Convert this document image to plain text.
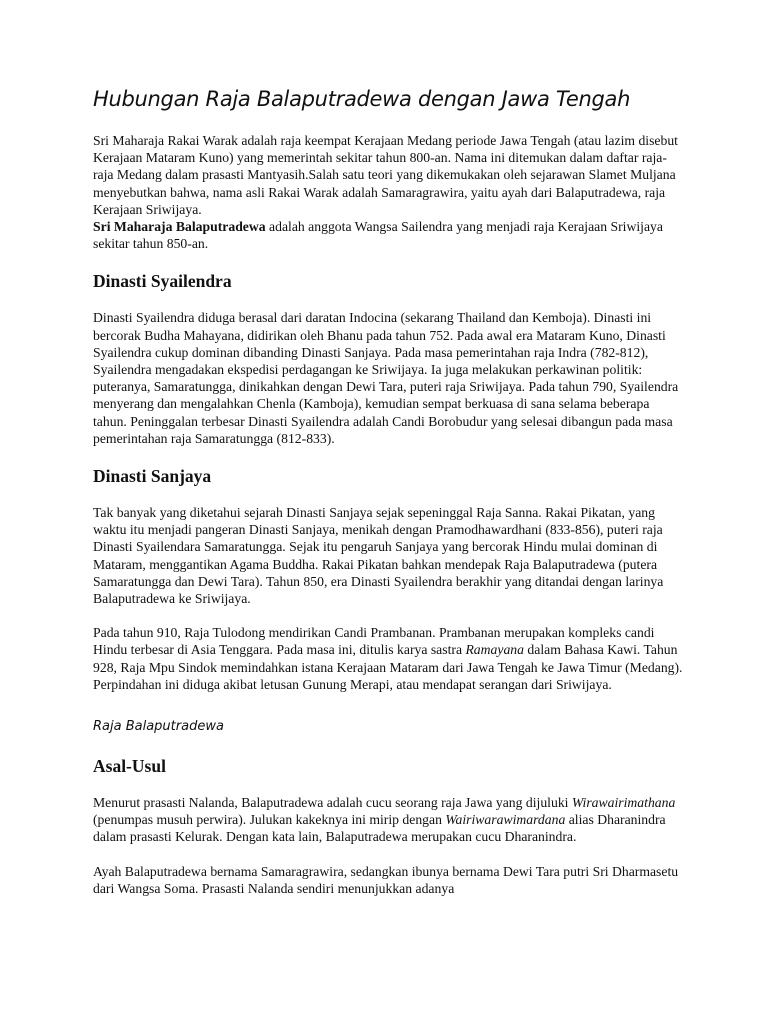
Hubungan Raja Balaputradewa dengan Jawa Tengah

Sri Maharaja Rakai Warak adalah raja keempat Kerajaan Medang periode Jawa Tengah (atau lazim disebut Kerajaan Mataram Kuno) yang memerintah sekitar tahun 800-an. Nama ini ditemukan dalam daftar raja-raja Medang dalam prasasti Mantyasih.Salah satu teori yang dikemukakan oleh sejarawan Slamet Muljana menyebutkan bahwa, nama asli Rakai Warak adalah Samaragrawira, yaitu ayah dari Balaputradewa, raja Kerajaan Sriwijaya.

Sri Maharaja Balaputradewa adalah anggota Wangsa Sailendra yang menjadi raja Kerajaan Sriwijaya sekitar tahun 850-an.

Dinasti Syailendra

Dinasti Syailendra diduga berasal dari daratan Indocina (sekarang Thailand dan Kemboja). Dinasti ini bercorak Budha Mahayana, didirikan oleh Bhanu pada tahun 752. Pada awal era Mataram Kuno, Dinasti Syailendra cukup dominan dibanding Dinasti Sanjaya. Pada masa pemerintahan raja Indra (782-812), Syailendra mengadakan ekspedisi perdagangan ke Sriwijaya. Ia juga melakukan perkawinan politik: puteranya, Samaratungga, dinikahkan dengan Dewi Tara, puteri raja Sriwijaya. Pada tahun 790, Syailendra menyerang dan mengalahkan Chenla (Kamboja), kemudian sempat berkuasa di sana selama beberapa tahun. Peninggalan terbesar Dinasti Syailendra adalah Candi Borobudur yang selesai dibangun pada masa pemerintahan raja Samaratungga (812-833).

Dinasti Sanjaya

Tak banyak yang diketahui sejarah Dinasti Sanjaya sejak sepeninggal Raja Sanna. Rakai Pikatan, yang waktu itu menjadi pangeran Dinasti Sanjaya, menikah dengan Pramodhawardhani (833-856), puteri raja Dinasti Syailendara Samaratungga. Sejak itu pengaruh Sanjaya yang bercorak Hindu mulai dominan di Mataram, menggantikan Agama Buddha. Rakai Pikatan bahkan mendepak Raja Balaputradewa (putera Samaratungga dan Dewi Tara). Tahun 850, era Dinasti Syailendra berakhir yang ditandai dengan larinya Balaputradewa ke Sriwijaya.

Pada tahun 910, Raja Tulodong mendirikan Candi Prambanan. Prambanan merupakan kompleks candi Hindu terbesar di Asia Tenggara. Pada masa ini, ditulis karya sastra Ramayana dalam Bahasa Kawi. Tahun 928, Raja Mpu Sindok memindahkan istana Kerajaan Mataram dari Jawa Tengah ke Jawa Timur (Medang). Perpindahan ini diduga akibat letusan Gunung Merapi, atau mendapat serangan dari Sriwijaya.

Raja Balaputradewa
Asal-Usul

Menurut prasasti Nalanda, Balaputradewa adalah cucu seorang raja Jawa yang dijuluki Wirawairimathana (penumpas musuh perwira). Julukan kakeknya ini mirip dengan Wairiwarawimardana alias Dharanindra dalam prasasti Kelurak. Dengan kata lain, Balaputradewa merupakan cucu Dharanindra.

Ayah Balaputradewa bernama Samaragrawira, sedangkan ibunya bernama Dewi Tara putri Sri Dharmasetu dari Wangsa Soma. Prasasti Nalanda sendiri menunjukkan adanya
